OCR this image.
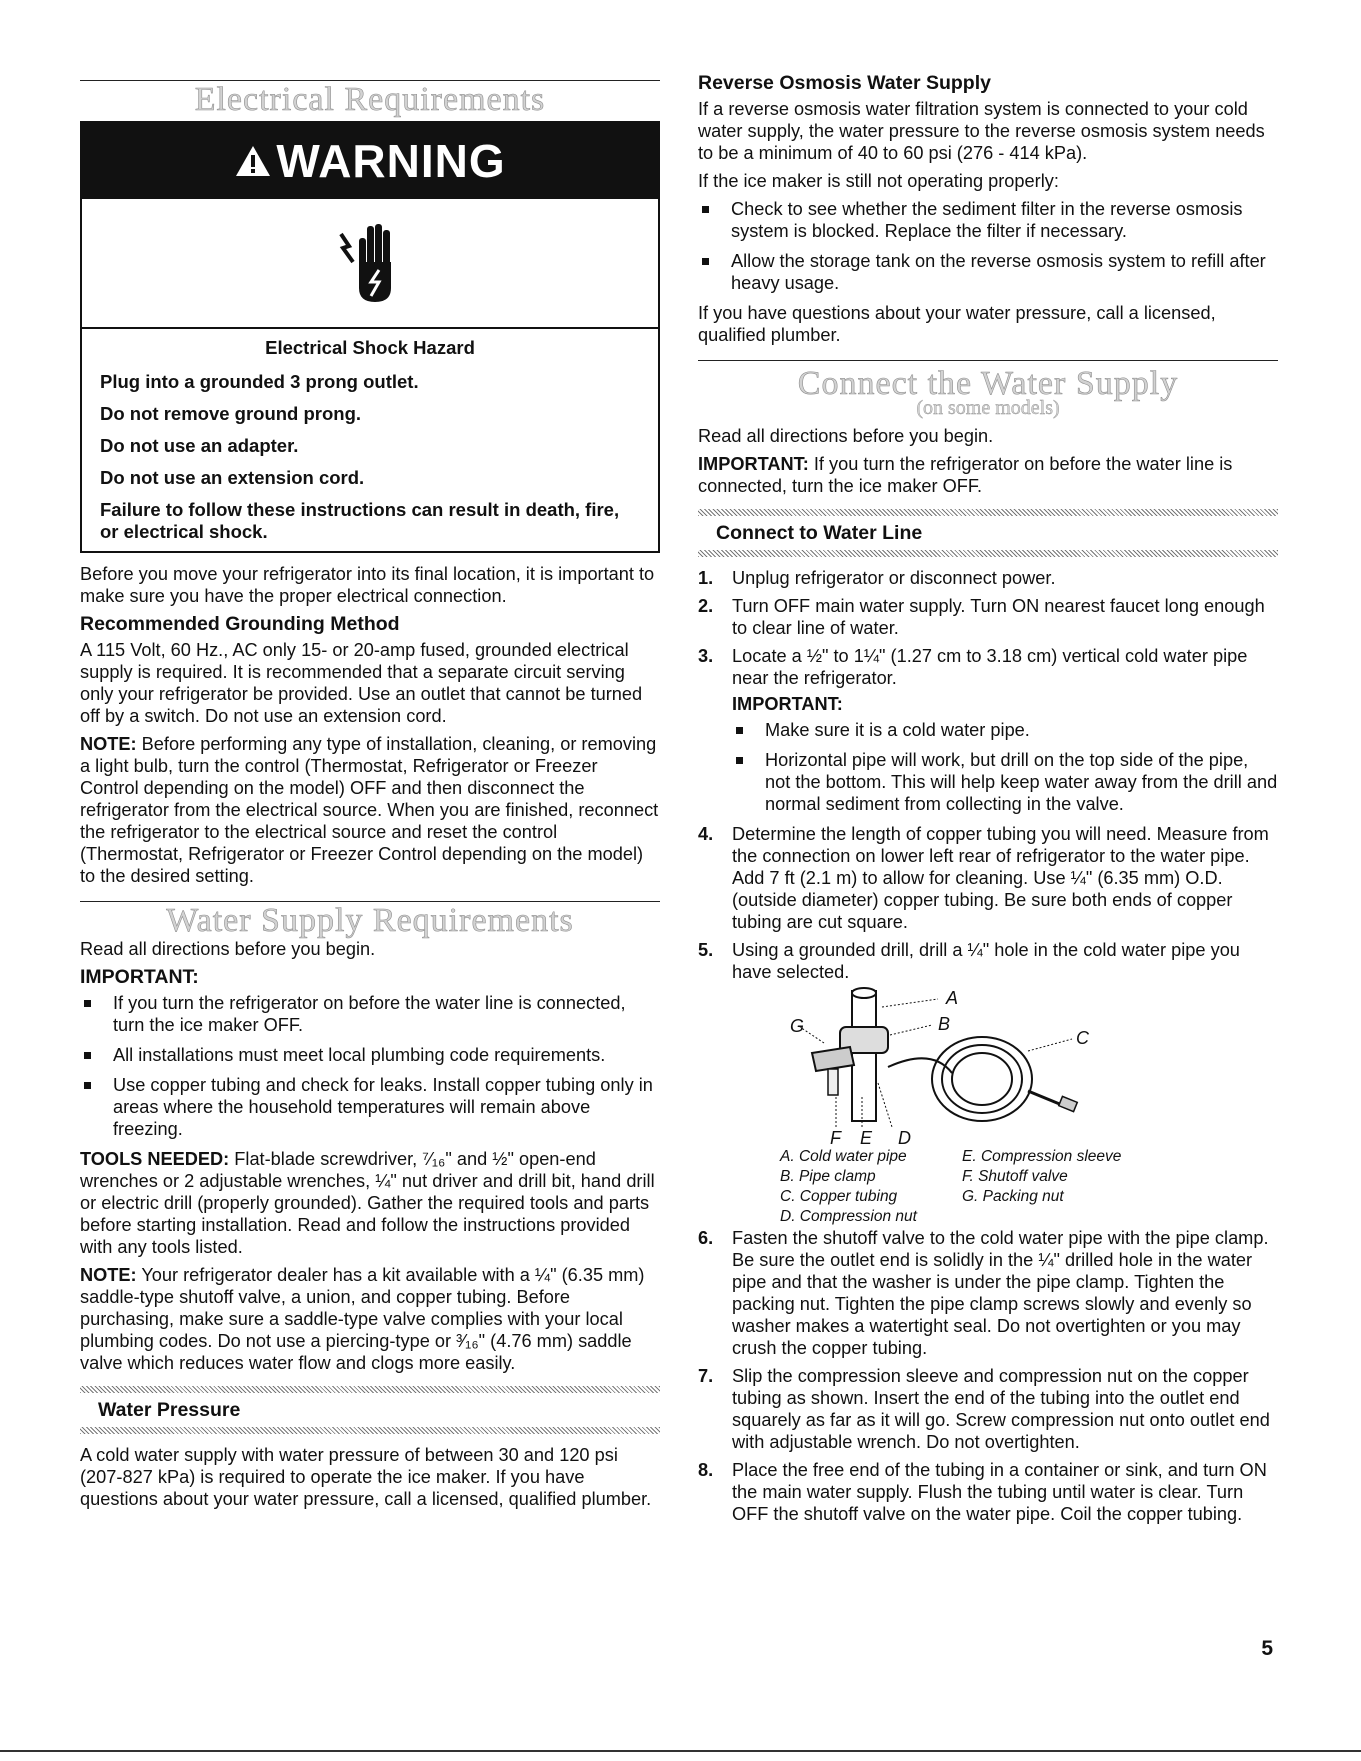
Electrical Requirements
WARNING
Electrical Shock Hazard

Plug into a grounded 3 prong outlet.

Do not remove ground prong.

Do not use an adapter.

Do not use an extension cord.

Failure to follow these instructions can result in death, fire, or electrical shock.

Before you move your refrigerator into its final location, it is important to make sure you have the proper electrical connection.

Recommended Grounding Method

A 115 Volt, 60 Hz., AC only 15- or 20-amp fused, grounded electrical supply is required. It is recommended that a separate circuit serving only your refrigerator be provided. Use an outlet that cannot be turned off by a switch. Do not use an extension cord.

NOTE: Before performing any type of installation, cleaning, or removing a light bulb, turn the control (Thermostat, Refrigerator or Freezer Control depending on the model) OFF and then disconnect the refrigerator from the electrical source. When you are finished, reconnect the refrigerator to the electrical source and reset the control (Thermostat, Refrigerator or Freezer Control depending on the model) to the desired setting.

Water Supply Requirements

Read all directions before you begin.

IMPORTANT:
If you turn the refrigerator on before the water line is connected, turn the ice maker OFF.
All installations must meet local plumbing code requirements.
Use copper tubing and check for leaks. Install copper tubing only in areas where the household temperatures will remain above freezing.

TOOLS NEEDED: Flat-blade screwdriver, ⁷⁄₁₆" and ½" open-end wrenches or 2 adjustable wrenches, ¼" nut driver and drill bit, hand drill or electric drill (properly grounded). Gather the required tools and parts before starting installation. Read and follow the instructions provided with any tools listed.

NOTE: Your refrigerator dealer has a kit available with a ¼" (6.35 mm) saddle-type shutoff valve, a union, and copper tubing. Before purchasing, make sure a saddle-type valve complies with your local plumbing codes. Do not use a piercing-type or ³⁄₁₆" (4.76 mm) saddle valve which reduces water flow and clogs more easily.

Water Pressure

A cold water supply with water pressure of between 30 and 120 psi (207-827 kPa) is required to operate the ice maker. If you have questions about your water pressure, call a licensed, qualified plumber.

Reverse Osmosis Water Supply

If a reverse osmosis water filtration system is connected to your cold water supply, the water pressure to the reverse osmosis system needs to be a minimum of 40 to 60 psi (276 - 414 kPa).

If the ice maker is still not operating properly:

Check to see whether the sediment filter in the reverse osmosis system is blocked. Replace the filter if necessary.
Allow the storage tank on the reverse osmosis system to refill after heavy usage.

If you have questions about your water pressure, call a licensed, qualified plumber.

Connect the Water Supply
(on some models)

Read all directions before you begin.

IMPORTANT: If you turn the refrigerator on before the water line is connected, turn the ice maker OFF.

Connect to Water Line
1. Unplug refrigerator or disconnect power.
2. Turn OFF main water supply. Turn ON nearest faucet long enough to clear line of water.
3. Locate a ½" to 1¼" (1.27 cm to 3.18 cm) vertical cold water pipe near the refrigerator.
IMPORTANT:
Make sure it is a cold water pipe.
Horizontal pipe will work, but drill on the top side of the pipe, not the bottom. This will help keep water away from the drill and normal sediment from collecting in the valve.
4. Determine the length of copper tubing you will need. Measure from the connection on lower left rear of refrigerator to the water pipe. Add 7 ft (2.1 m) to allow for cleaning. Use ¼" (6.35 mm) O.D. (outside diameter) copper tubing. Be sure both ends of copper tubing are cut square.
5. Using a grounded drill, drill a ¼" hole in the cold water pipe you have selected.
A
B
C
D
E
F
G
A. Cold water pipe
B. Pipe clamp
C. Copper tubing
D. Compression nut
E. Compression sleeve
F. Shutoff valve
G. Packing nut
6. Fasten the shutoff valve to the cold water pipe with the pipe clamp. Be sure the outlet end is solidly in the ¼" drilled hole in the water pipe and that the washer is under the pipe clamp. Tighten the packing nut. Tighten the pipe clamp screws slowly and evenly so washer makes a watertight seal. Do not overtighten or you may crush the copper tubing.
7. Slip the compression sleeve and compression nut on the copper tubing as shown. Insert the end of the tubing into the outlet end squarely as far as it will go. Screw compression nut onto outlet end with adjustable wrench. Do not overtighten.
8. Place the free end of the tubing in a container or sink, and turn ON the main water supply. Flush the tubing until water is clear. Turn OFF the shutoff valve on the water pipe. Coil the copper tubing.
5
